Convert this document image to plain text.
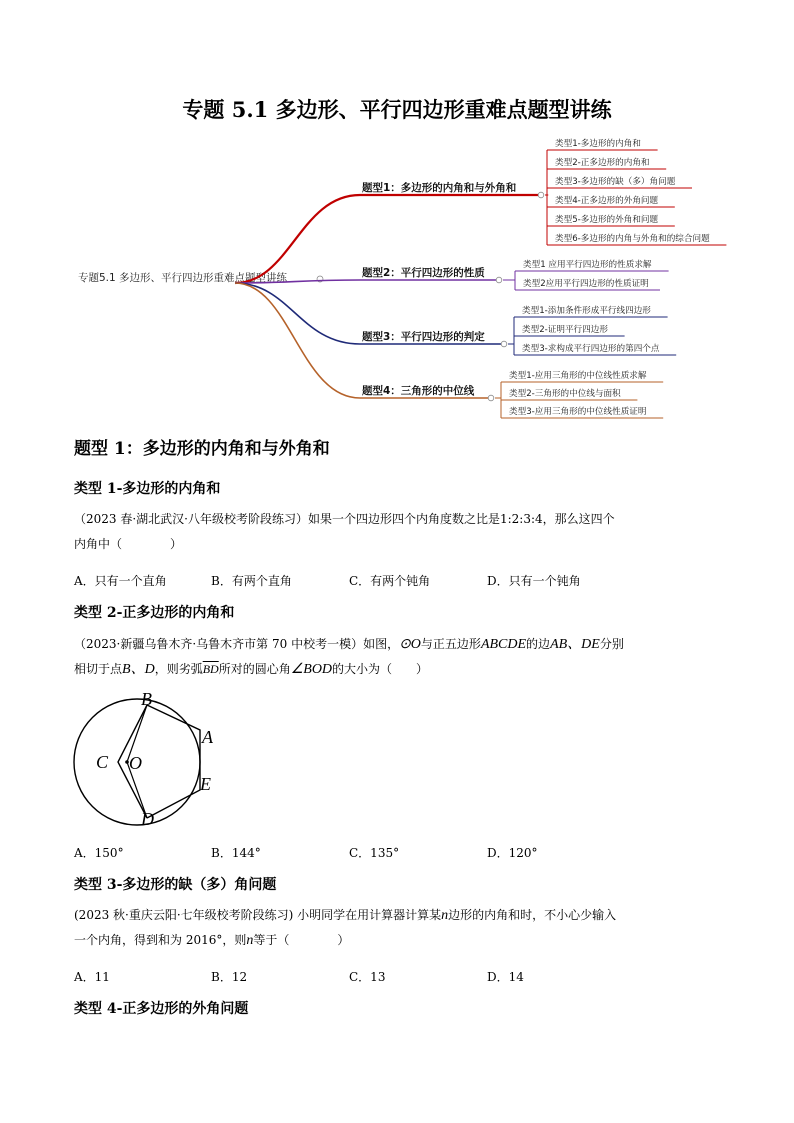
专题 5.1 多边形、平行四边形重难点题型讲练
专题5.1 多边形、平行四边形重难点题型讲练
题型1：多边形的内角和与外角和
类型1-多边形的内角和
类型2-正多边形的内角和
类型3-多边形的缺（多）角问题
类型4-正多边形的外角问题
类型5-多边形的外角和问题
类型6-多边形的内角与外角和的综合问题
题型2：平行四边形的性质
类型1 应用平行四边形的性质求解
类型2应用平行四边形的性质证明
题型3：平行四边形的判定
类型1-添加条件形成平行线四边形
类型2-证明平行四边形
类型3-求构成平行四边形的第四个点
题型4：三角形的中位线
类型1-应用三角形的中位线性质求解
类型2-三角形的中位线与面积
类型3-应用三角形的中位线性质证明
题型 1：多边形的内角和与外角和
类型 1-多边形的内角和
（2023 春·湖北武汉·八年级校考阶段练习）如果一个四边形四个内角度数之比是1:2:3:4，那么这四个
内角中（　　　　）
A．只有一个直角	B．有两个直角	C．有两个钝角	D．只有一个钝角
类型 2-正多边形的内角和
（2023·新疆乌鲁木齐·乌鲁木齐市第 70 中校考一模）如图，⊙O与正五边形ABCDE的边AB、DE分别
相切于点B、D，则劣弧$\overline{BD}$所对的圆心角∠BOD的大小为（　　）
B
A
C O
E
D
A．150°	B．144°	C．135°	D．120°
类型 3-多边形的缺（多）角问题
(2023 秋·重庆云阳·七年级校考阶段练习) 小明同学在用计算器计算某n边形的内角和时，不小心少输入
一个内角，得到和为 2016°，则n等于（　　　　）
A．11	B．12	C．13	D．14
类型 4-正多边形的外角问题
